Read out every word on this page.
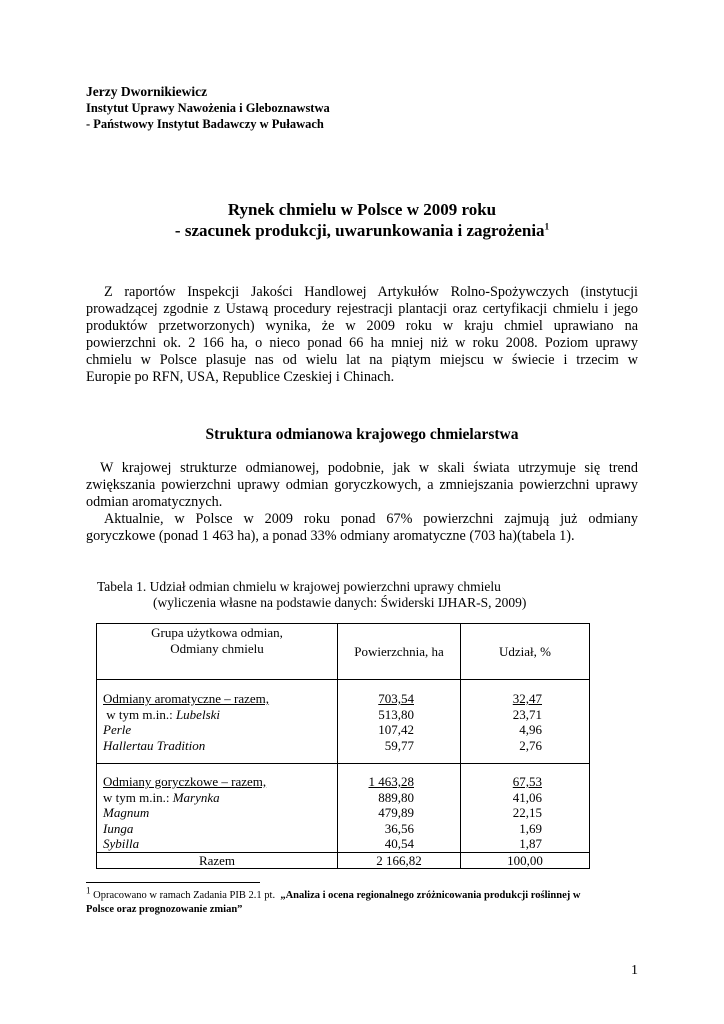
Jerzy Dwornikiewicz
Instytut Uprawy Nawożenia i Gleboznawstwa
- Państwowy Instytut Badawczy w Puławach
Rynek chmielu w Polsce w 2009 roku
- szacunek produkcji, uwarunkowania i zagrożenia$^1$
Z raportów Inspekcji Jakości Handlowej Artykułów Rolno-Spożywczych (instytucji
prowadzącej zgodnie z Ustawą procedury rejestracji plantacji oraz certyfikacji chmielu i jego
produktów przetworzonych) wynika, że w 2009 roku w kraju chmiel uprawiano na
powierzchni ok. 2 166 ha, o nieco ponad 66 ha mniej niż w roku 2008. Poziom uprawy
chmielu w Polsce plasuje nas od wielu lat na piątym miejscu w świecie i trzecim w
Europie po RFN, USA, Republice Czeskiej i Chinach.
Struktura odmianowa krajowego chmielarstwa
W krajowej strukturze odmianowej, podobnie, jak w skali świata utrzymuje się trend
zwiększania powierzchni uprawy odmian goryczkowych, a zmniejszania powierzchni uprawy
odmian aromatycznych.
Aktualnie, w Polsce w 2009 roku ponad 67% powierzchni zajmują już odmiany
goryczkowe (ponad 1 463 ha), a ponad 33% odmiany aromatyczne (703 ha)(tabela 1).
Tabela 1. Udział odmian chmielu w krajowej powierzchni uprawy chmielu
(wyliczenia własne na podstawie danych: Świderski IJHAR-S, 2009)
Grupa użytkowa odmian,
Odmiany chmielu	Powierzchnia, ha	Udział, %
Odmiany aromatyczne – razem,	703,54	32,47
w tym m.in.: Lubelski	513,80	23,71
Perle	107,42	4,96
Hallertau Tradition	59,77	2,76
Odmiany goryczkowe – razem,	1 463,28	67,53
w tym m.in.: Marynka	889,80	41,06
Magnum	479,89	22,15
Iunga	36,56	1,69
Sybilla	40,54	1,87
Razem	2 166,82	100,00
$^1$ Opracowano w ramach Zadania PIB 2.1 pt.  „Analiza i ocena regionalnego zróżnicowania produkcji roślinnej w
Polsce oraz prognozowanie zmian”
1
